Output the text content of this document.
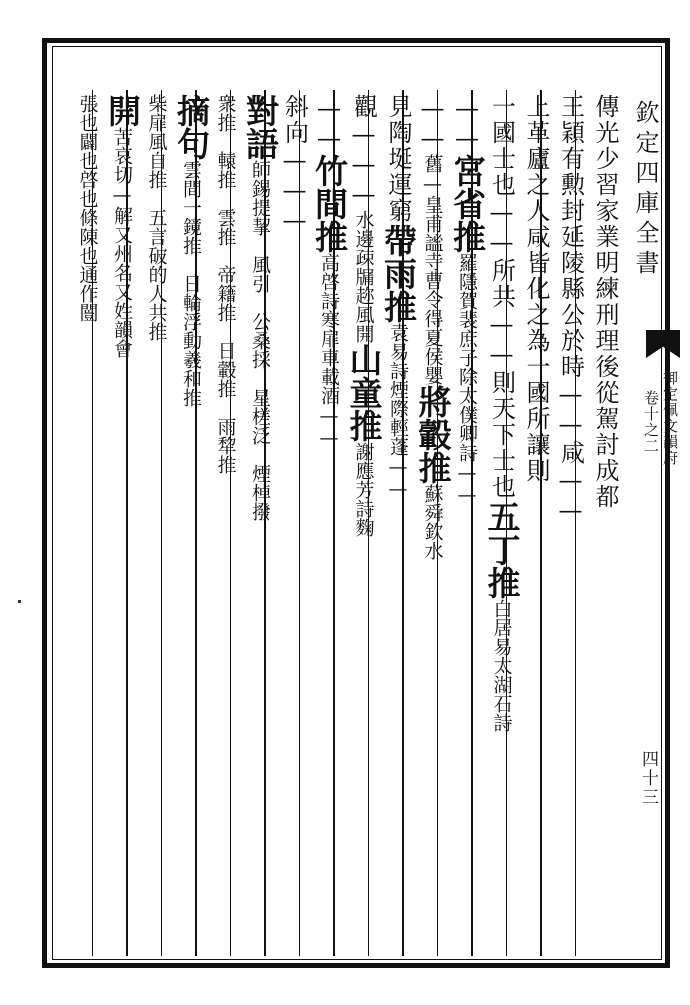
欽定四庫全書
御定佩文韻府
卷十之二
四十三
傳光少習家業明練刑理後從駕討成都
王穎有勲封延陵縣公於時——咸——
上革廬之人咸皆化之為一國所讓則
一國士也——所共——則天下士也五丁推白居易太湖石詩
——宮省推羅隱賀裴庶子除太僕卿詩——
——舊—皇甫謐寺曹令得夏侯嬰將轂推蘇舜欽水
見陶埏運窮帶雨推袁易詩煙際輕蓬——
觀———水邊疎牖趂風開山童推謝應芳詩麴
——竹間推高啓詩寒扉車載酒——
斜向———
對語師錫提挈　風引　公桑採　星槎泛　煙棹撥
衆推　轅推　雲推　帝籍推　日轂推　雨犂推
摘句雲間一鏡推　日輪浮動羲和推
柴扉風自推　五言破的人共推
開苦哀切—解又州名又姓韻會
張也闢也啓也條陳也通作闓
